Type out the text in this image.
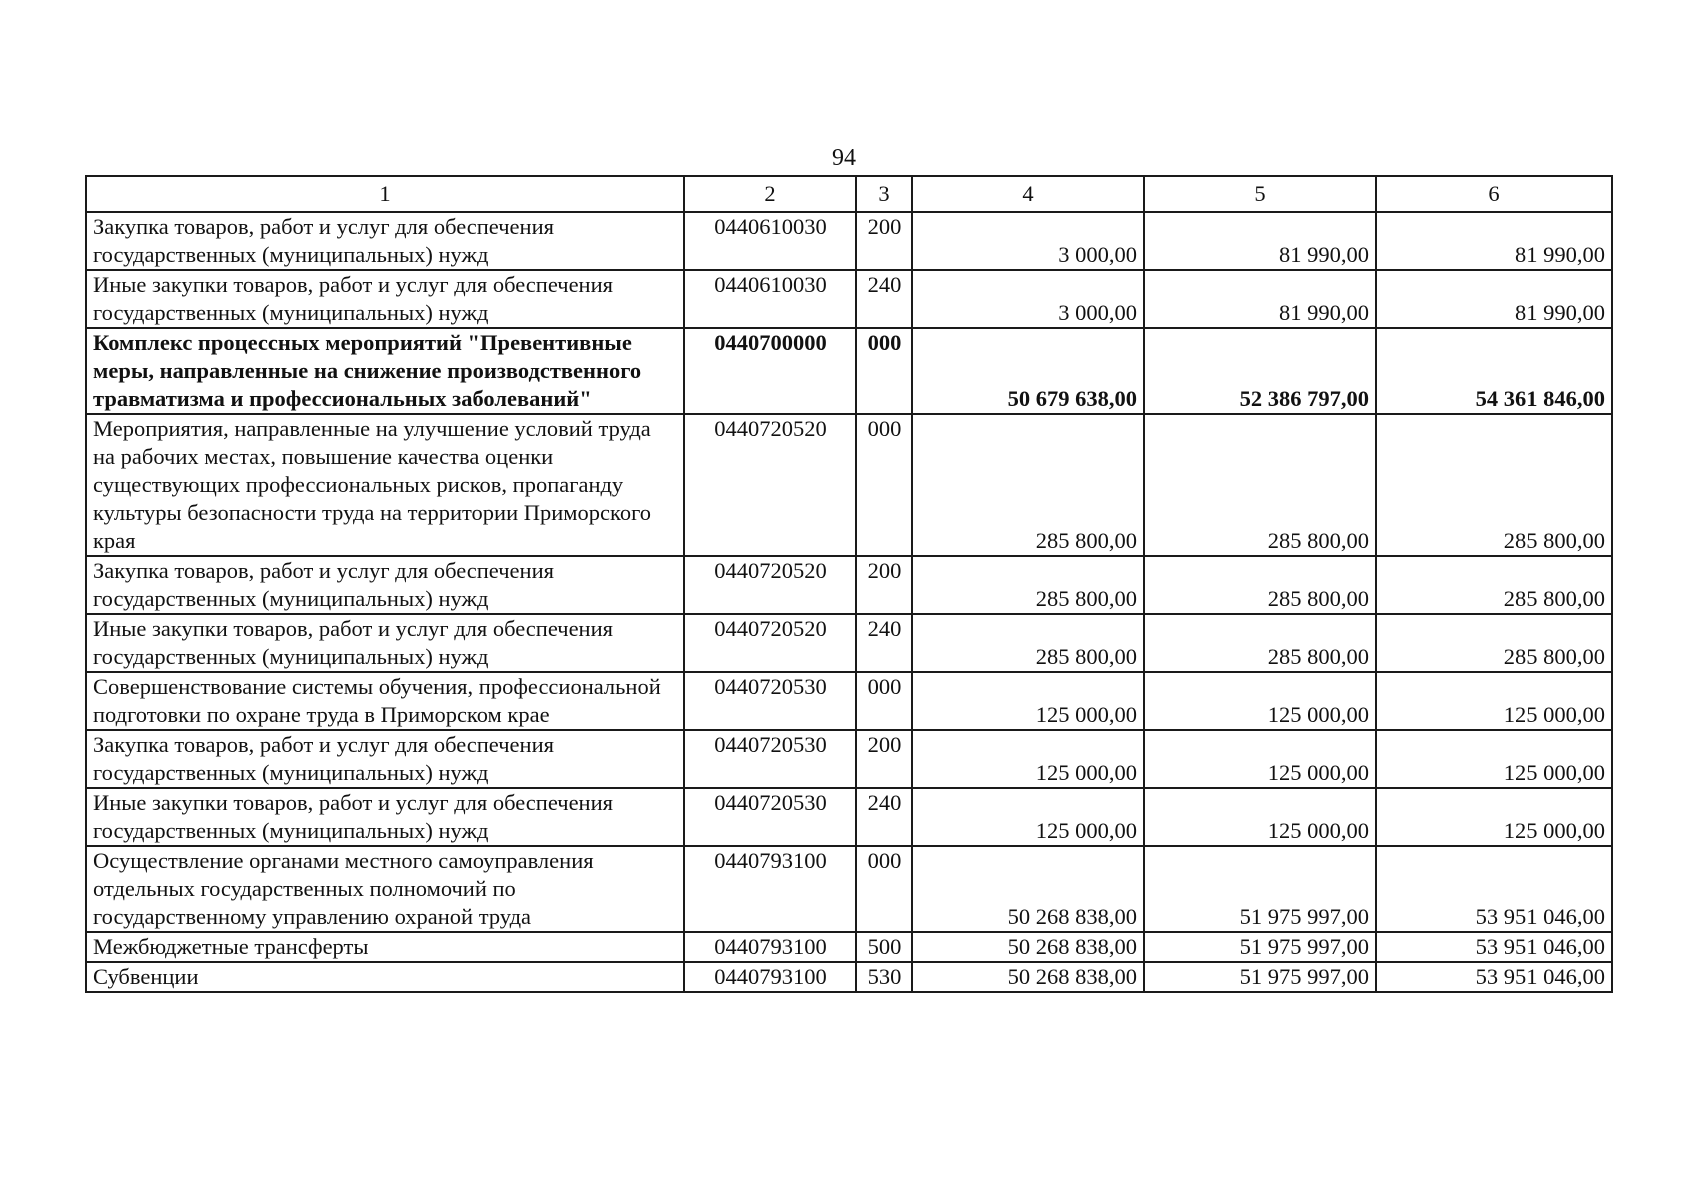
94
1	2	3	4	5	6
Закупка товаров, работ и услуг для обеспечения государственных (муниципальных) нужд	0440610030	200	3 000,00	81 990,00	81 990,00
Иные закупки товаров, работ и услуг для обеспечения государственных (муниципальных) нужд	0440610030	240	3 000,00	81 990,00	81 990,00
Комплекс процессных мероприятий "Превентивные меры, направленные на снижение производственного травматизма и профессиональных заболеваний"	0440700000	000	50 679 638,00	52 386 797,00	54 361 846,00
Мероприятия, направленные на улучшение условий труда на рабочих местах, повышение качества оценки существующих профессиональных рисков, пропаганду культуры безопасности труда на территории Приморского края	0440720520	000	285 800,00	285 800,00	285 800,00
Закупка товаров, работ и услуг для обеспечения государственных (муниципальных) нужд	0440720520	200	285 800,00	285 800,00	285 800,00
Иные закупки товаров, работ и услуг для обеспечения государственных (муниципальных) нужд	0440720520	240	285 800,00	285 800,00	285 800,00
Совершенствование системы обучения, профессиональной подготовки по охране труда в Приморском крае	0440720530	000	125 000,00	125 000,00	125 000,00
Закупка товаров, работ и услуг для обеспечения государственных (муниципальных) нужд	0440720530	200	125 000,00	125 000,00	125 000,00
Иные закупки товаров, работ и услуг для обеспечения государственных (муниципальных) нужд	0440720530	240	125 000,00	125 000,00	125 000,00
Осуществление органами местного самоуправления отдельных государственных полномочий по государственному управлению охраной труда	0440793100	000	50 268 838,00	51 975 997,00	53 951 046,00
Межбюджетные трансферты	0440793100	500	50 268 838,00	51 975 997,00	53 951 046,00
Субвенции	0440793100	530	50 268 838,00	51 975 997,00	53 951 046,00
